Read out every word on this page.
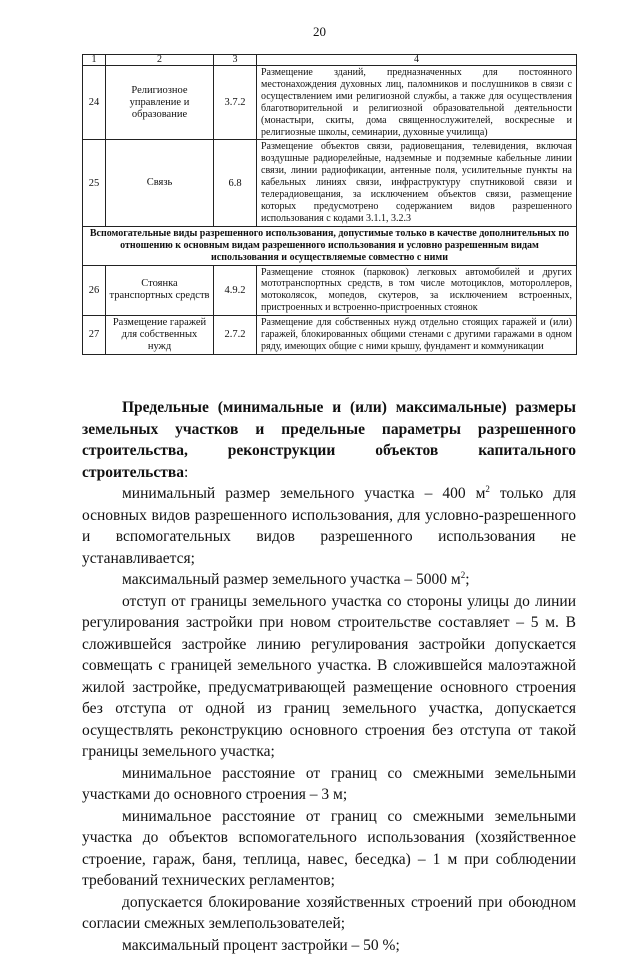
20
1	2	3	4
24	Религиозное управление и образование	3.7.2	Размещение зданий, предназначенных для постоянного местонахождения духовных лиц, паломников и послушников в связи с осуществлением ими религиозной службы, а также для осуществления благотворительной и религиозной образовательной деятельности (монастыри, скиты, дома священнослужителей, воскресные и религиозные школы, семинарии, духовные училища)
25	Связь	6.8	Размещение объектов связи, радиовещания, телевидения, включая воздушные радиорелейные, надземные и подземные кабельные линии связи, линии радиофикации, антенные поля, усилительные пункты на кабельных линиях связи, инфраструктуру спутниковой связи и телерадиовещания, за исключением объектов связи, размещение которых предусмотрено содержанием видов разрешенного использования с кодами 3.1.1, 3.2.3
Вспомогательные виды разрешенного использования, допустимые только в качестве дополнительных по отношению к основным видам разрешенного использования и условно разрешенным видам использования и осуществляемые совместно с ними			
26	Стоянка транспортных средств	4.9.2	Размещение стоянок (парковок) легковых автомобилей и других мототранспортных средств, в том числе мотоциклов, мотороллеров, мотоколясок, мопедов, скутеров, за исключением встроенных, пристроенных и встроенно-пристроенных стоянок
27	Размещение гаражей для собственных нужд	2.7.2	Размещение для собственных нужд отдельно стоящих гаражей и (или) гаражей, блокированных общими стенами с другими гаражами в одном ряду, имеющих общие с ними крышу, фундамент и коммуникации

Предельные (минимальные и (или) максимальные) размеры земельных участков и предельные параметры разрешенного строительства, реконструкции объектов капитального строительства:

минимальный размер земельного участка – 400 $м^2$ только для основных видов разрешенного использования, для условно-разрешенного и вспомогательных видов разрешенного использования не устанавливается;

максимальный размер земельного участка – 5000 $м^2$;

отступ от границы земельного участка со стороны улицы до линии регулирования застройки при новом строительстве составляет – 5 м. В сложившейся застройке линию регулирования застройки допускается совмещать с границей земельного участка. В сложившейся малоэтажной жилой застройке, предусматривающей размещение основного строения без отступа от одной из границ земельного участка, допускается осуществлять реконструкцию основного строения без отступа от такой границы земельного участка;

минимальное расстояние от границ со смежными земельными участками до основного строения – 3 м;

минимальное расстояние от границ со смежными земельными участка до объектов вспомогательного использования (хозяйственное строение, гараж, баня, теплица, навес, беседка) – 1 м при соблюдении требований технических регламентов;

допускается блокирование хозяйственных строений при обоюдном согласии смежных землепользователей;

максимальный процент застройки – 50 %;
